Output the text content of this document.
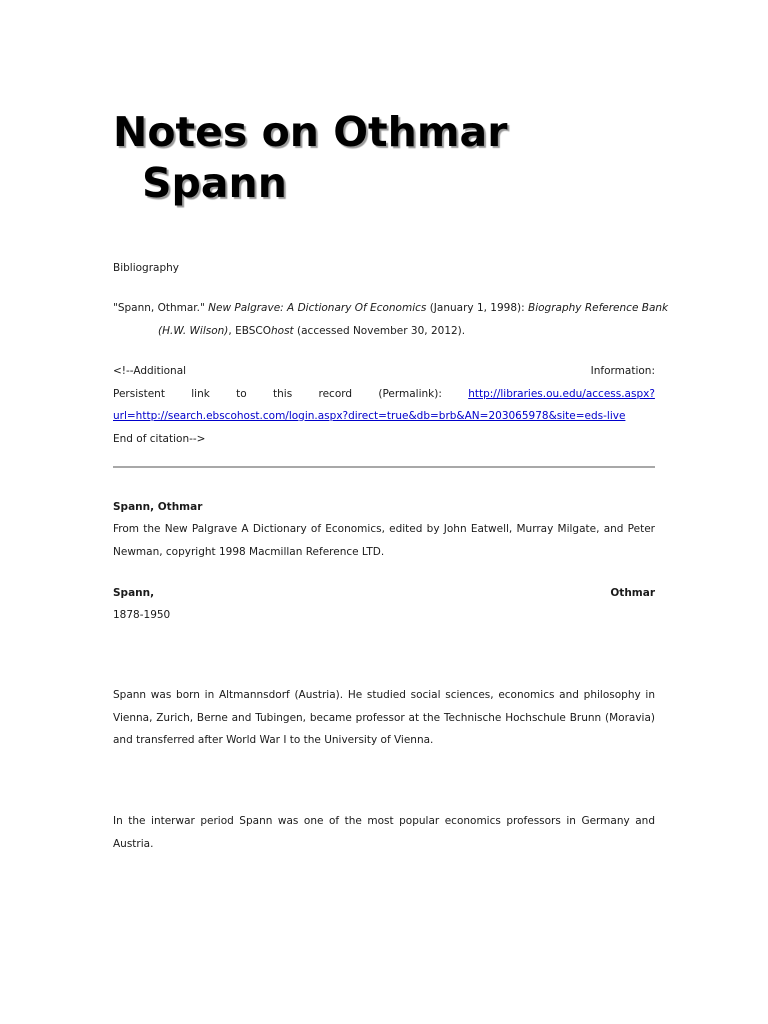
Notes on Othmar
Spann
Bibliography
"Spann, Othmar." New Palgrave: A Dictionary Of Economics (January 1, 1998): Biography Reference Bank
(H.W. Wilson), EBSCOhost (accessed November 30, 2012).
<!--Additional	Information:
Persistent	link	to	this	record	(Permalink):	http://libraries.ou.edu/access.aspx?
url=http://search.ebscohost.com/login.aspx?direct=true&db=brb&AN=203065978&site=eds-live
End of citation-->
Spann, Othmar
From the New Palgrave A Dictionary of Economics, edited by John Eatwell, Murray Milgate, and Peter Newman, copyright 1998 Macmillan Reference LTD.
Spann,	Othmar
1878-1950
Spann was born in Altmannsdorf (Austria). He studied social sciences, economics and philosophy in Vienna, Zurich, Berne and Tubingen, became professor at the Technische Hochschule Brunn (Moravia) and transferred after World War I to the University of Vienna.
In the interwar period Spann was one of the most popular economics professors in Germany and Austria.
